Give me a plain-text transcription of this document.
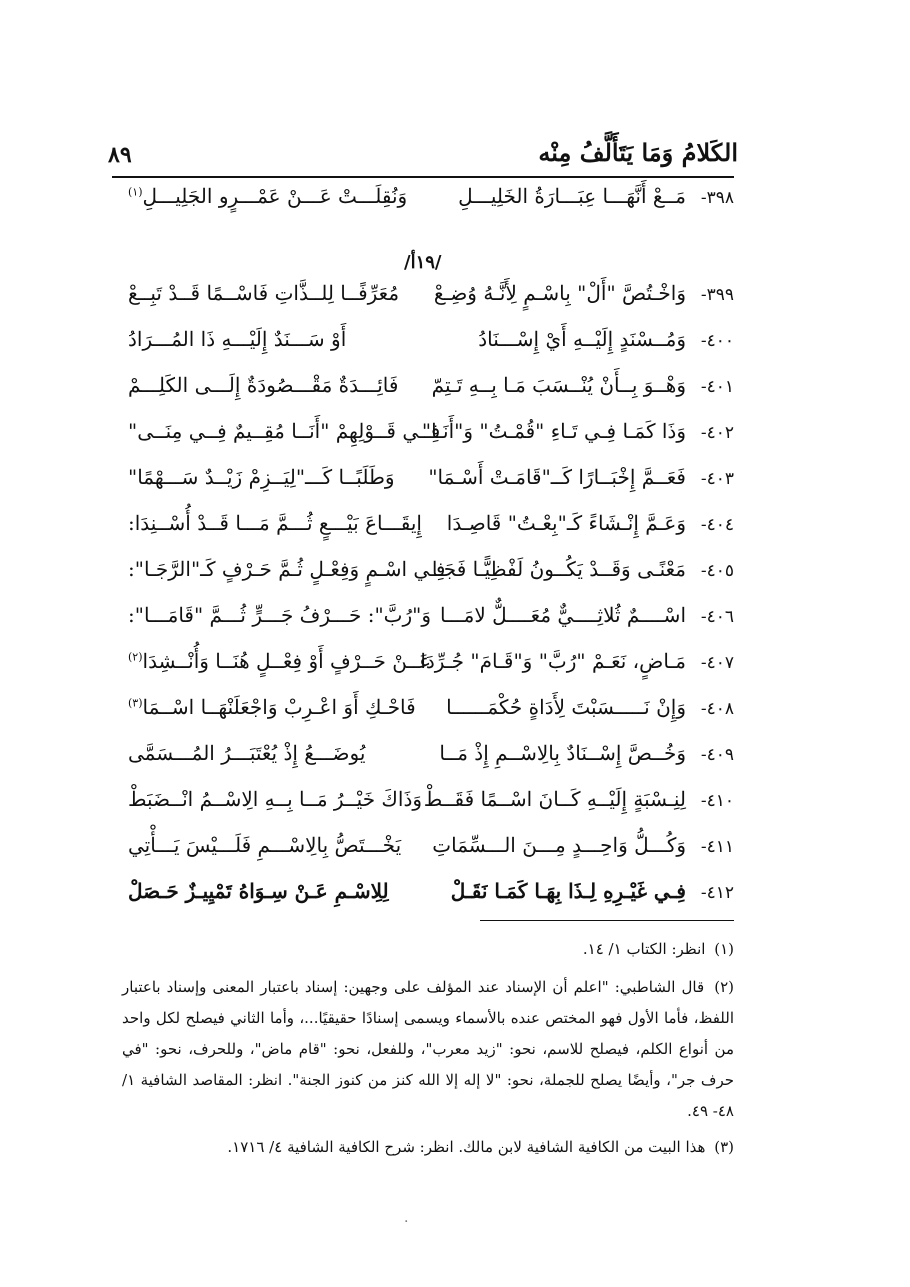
الكَلامُ وَمَا يَتَأَلَّفُ مِنْه
٨٩
٣٩٨-
مَــعْ أَنَّهَـــا عِبَـــارَةُ الخَلِيـــلِ
وَنُقِلَـــتْ عَـــنْ عَمْـــرٍو الجَلِيـــلِ$^{(١)}$
/١٩أ/
٣٩٩-
وَاخْـتُصَّ "أَلْ" بِاسْـمٍ لِأَنَّـهُ وُضِـعْ
مُعَرِّفًــا لِلــذَّاتِ فَاسْــمًا قَــدْ تَبِــعْ
٤٠٠-
وَمُــسْنَدٍ إِلَيْــهِ أَيْ إِسْـــنَادُ
أَوْ سَـــنَدٌ إِلَيْـــهِ ذَا المُـــرَادُ
٤٠١-
وَهْــوَ بِــأَنْ يُنْــسَبَ مَـا بِــهِ تَـتِمّ
فَائِـــدَةٌ مَقْـــصُودَةٌ إِلَـــى الكَلِـــمْ
٤٠٢-
وَذَا كَمَـا فِـي تَـاءِ "قُمْـتُ" وَ"أَنَـا"
فِــي قَــوْلِهِمْ "أَنَــا مُقِــيمٌ فِــي مِنَــى"
٤٠٣-
فَعَــمَّ إِخْبَــارًا كَــ"قَامَـتْ أَسْـمَا"
وَطَلَبًــا كَـــ"لِيَــزِمْ زَيْــدٌ سَـــهْمًا"
٤٠٤-
وَعَـمَّ إِنْـشَاءً كَـ"بِعْـتُ" قَاصِـدَا
إِيقَـــاعَ بَيْـــعٍ ثُـــمَّ مَـــا قَــدْ أُسْــنِدَا:
٤٠٥-
مَعْنًـى وَقَــدْ يَكُــونُ لَفْظِيًّـا فَجَـا
فِـي اسْـمٍ وَفِعْـلٍ ثُـمَّ حَـرْفٍ كَـ"الرَّجَـا":
٤٠٦-
اسْــــمٌ ثُلاثِــــيٌّ مُعَــــلٌّ لامَـــا
وَ"رُبَّ": حَـــرْفُ جَـــرٍّ ثُـــمَّ "قَامَـــا":
٤٠٧-
مَـاضٍ، نَعَـمْ "رُبَّ" وَ"قَـامَ" جُـرِّدَا
عَــنْ حَــرْفٍ أَوْ فِعْــلٍ هُنَــا وَأُنْــشِدَا$^{(٢)}$
٤٠٨-
وَإِنْ نَـــــسَبْتَ لِأَدَاةٍ حُكْمَــــــا
فَاحْـكِ أَوَ اعْـرِبْ وَاجْعَلَنْهَــا اسْــمَا$^{(٣)}$
٤٠٩-
وَخُــصَّ إِسْــنَادٌ بِالِاسْــمِ إِذْ مَــا
يُوضَـــعُ إِذْ يُعْتَبَـــرُ المُـــسَمَّى
٤١٠-
لِنِـسْبَةٍ إِلَيْــهِ كَــانَ اسْــمًا فَقَــطْ
وَذَاكَ خَيْــرُ مَــا بِــهِ الِاسْــمُ انْــضَبَطْ
٤١١-
وَكُـــلُّ وَاحِـــدٍ مِـــنَ الـــسِّمَاتِ
يَخْـــتَصُّ بِالِاسْـــمِ فَلَـــيْسَ يَـــأْتِي
٤١٢-
فِـي غَيْـرِهِ لِـذَا بِهَـا كَمَـا نَقَـلْ
لِلِاسْـمِ عَـنْ سِـوَاهُ تَمْيِيـزٌ حَـصَلْ
(١) انظر: الكتاب ١/ ١٤.
(٢) قال الشاطبي: "اعلم أن الإسناد عند المؤلف على وجهين: إسناد باعتبار المعنى وإسناد باعتبار اللفظ، فأما الأول فهو المختص عنده بالأسماء ويسمى إسنادًا حقيقيًا...، وأما الثاني فيصلح لكل واحد من أنواع الكلم، فيصلح للاسم، نحو: "زيد معرب"، وللفعل، نحو: "قام ماض"، وللحرف، نحو: "في حرف جر"، وأيضًا يصلح للجملة، نحو: "لا إله إلا الله كنز من كنوز الجنة". انظر: المقاصد الشافية ١/ ٤٨- ٤٩.
(٣) هذا البيت من الكافية الشافية لابن مالك. انظر: شرح الكافية الشافية ٤/ ١٧١٦.
.
